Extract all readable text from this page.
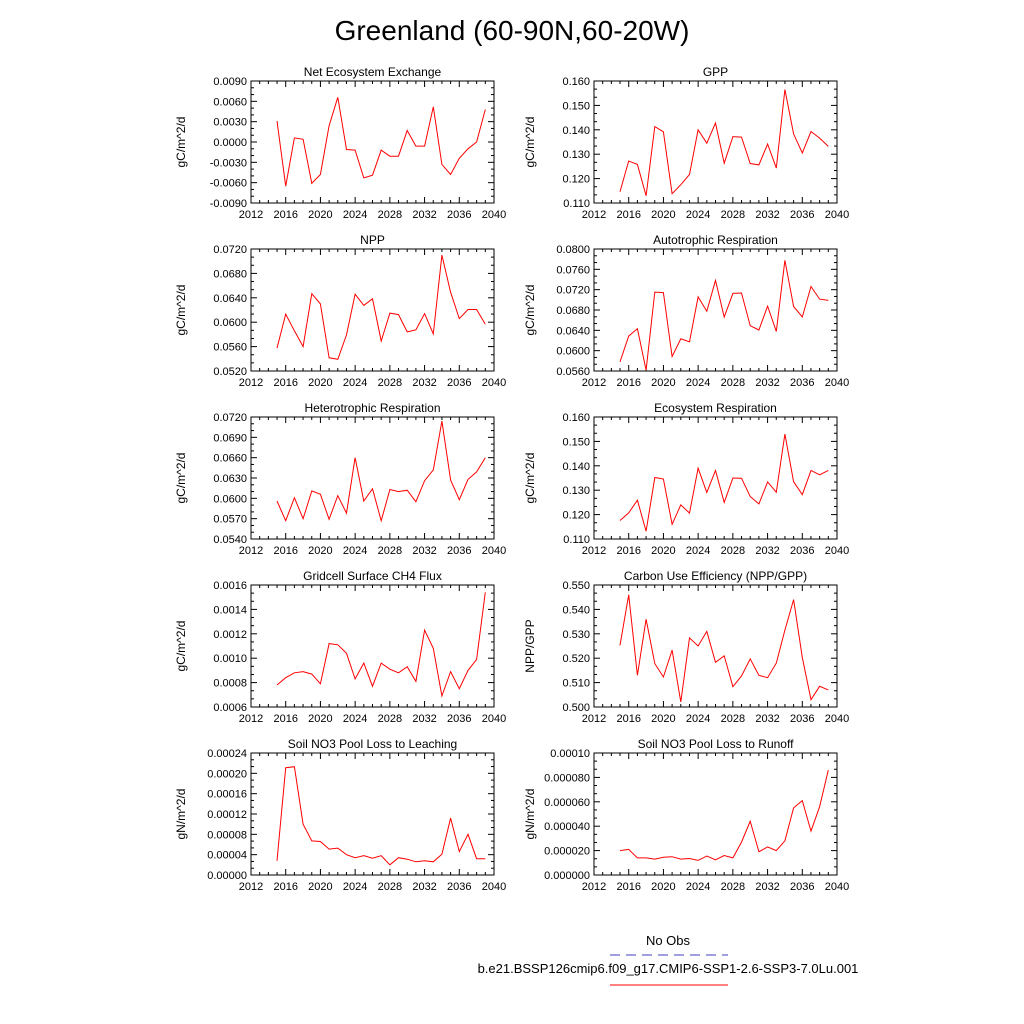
Greenland (60-90N,60-20W)
Net Ecosystem Exchange
2012 2016 2020 2024 2028 2032 2036 2040
-0.0090
-0.0060
-0.0030
0.0000
0.0030
0.0060
0.0090
gC/m^2/d
GPP
2012 2016 2020 2024 2028 2032 2036 2040
0.110
0.120
0.130
0.140
0.150
0.160
gC/m^2/d
NPP
2012 2016 2020 2024 2028 2032 2036 2040
0.0520
0.0560
0.0600
0.0640
0.0680
0.0720
gC/m^2/d
Autotrophic Respiration
2012 2016 2020 2024 2028 2032 2036 2040
0.0560
0.0600
0.0640
0.0680
0.0720
0.0760
0.0800
gC/m^2/d
Heterotrophic Respiration
2012 2016 2020 2024 2028 2032 2036 2040
0.0540
0.0570
0.0600
0.0630
0.0660
0.0690
0.0720
gC/m^2/d
Ecosystem Respiration
2012 2016 2020 2024 2028 2032 2036 2040
0.110
0.120
0.130
0.140
0.150
0.160
gC/m^2/d
Gridcell Surface CH4 Flux
2012 2016 2020 2024 2028 2032 2036 2040
0.0006
0.0008
0.0010
0.0012
0.0014
0.0016
gC/m^2/d
Carbon Use Efficiency (NPP/GPP)
2012 2016 2020 2024 2028 2032 2036 2040
0.500
0.510
0.520
0.530
0.540
0.550
NPP/GPP
Soil NO3 Pool Loss to Leaching
2012 2016 2020 2024 2028 2032 2036 2040
0.00000
0.00004
0.00008
0.00012
0.00016
0.00020
0.00024
gN/m^2/d
Soil NO3 Pool Loss to Runoff
2012 2016 2020 2024 2028 2032 2036 2040
0.000000
0.000020
0.000040
0.000060
0.000080
0.00010
gN/m^2/d
No Obs
b.e21.BSSP126cmip6.f09_g17.CMIP6-SSP1-2.6-SSP3-7.0Lu.001
